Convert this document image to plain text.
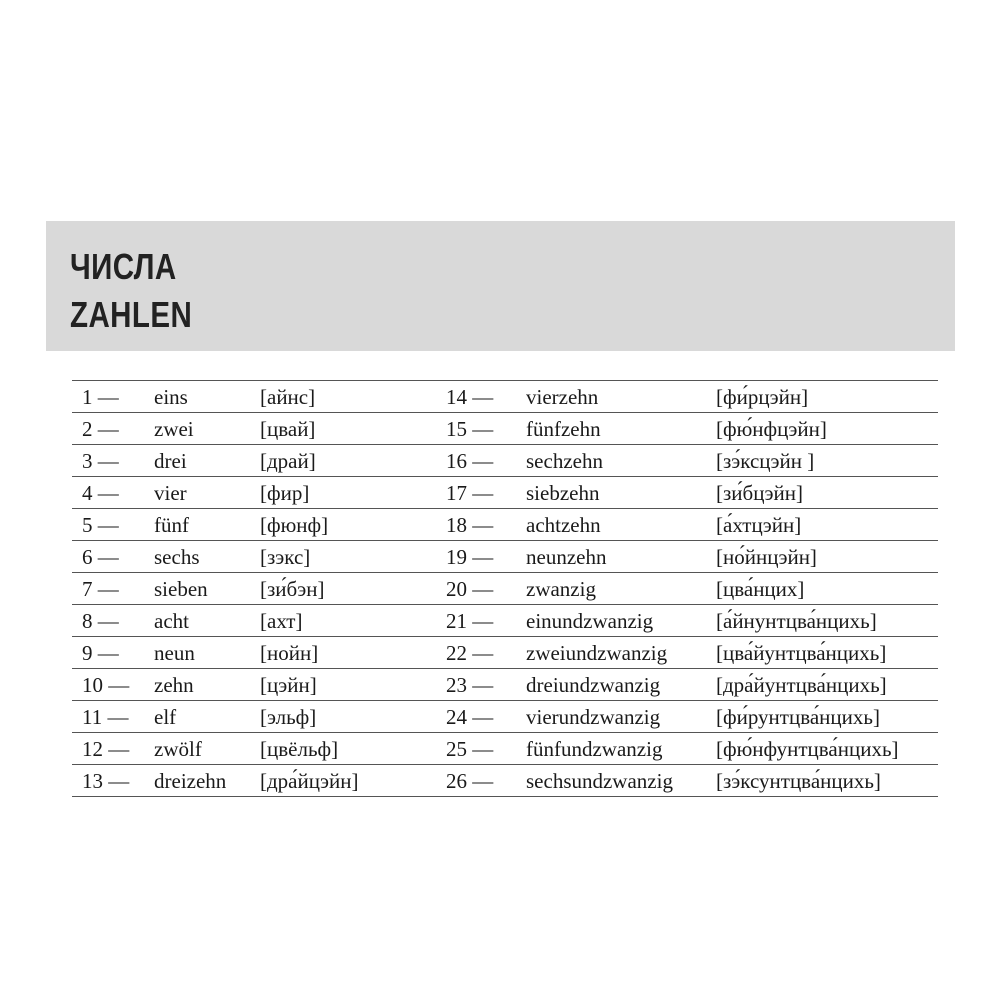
ЧИСЛА
ZAHLEN
1 —	eins	[айнс]	14 —	vierzehn	[фи́рцэйн]
2 —	zwei	[цвай]	15 —	fünfzehn	[фю́нфцэйн]
3 —	drei	[драй]	16 —	sechzehn	[зэ́ксцэйн ]
4 —	vier	[фир]	17 —	siebzehn	[зи́бцэйн]
5 —	fünf	[фюнф]	18 —	achtzehn	[а́хтцэйн]
6 —	sechs	[зэкс]	19 —	neunzehn	[но́йнцэйн]
7 —	sieben	[зи́бэн]	20 —	zwanzig	[цва́нцих]
8 —	acht	[ахт]	21 —	einundzwanzig	[а́йнунтцва́нцихь]
9 —	neun	[нойн]	22 —	zweiundzwanzig	[цва́йунтцва́нцихь]
10 —	zehn	[цэйн]	23 —	dreiundzwanzig	[дра́йунтцва́нцихь]
11 —	elf	[эльф]	24 —	vierundzwanzig	[фи́рунтцва́нцихь]
12 —	zwölf	[цвёльф]	25 —	fünfundzwanzig	[фю́нфунтцва́нцихь]
13 —	dreizehn	[дра́йцэйн]	26 —	sechsundzwanzig	[зэ́ксунтцва́нцихь]
